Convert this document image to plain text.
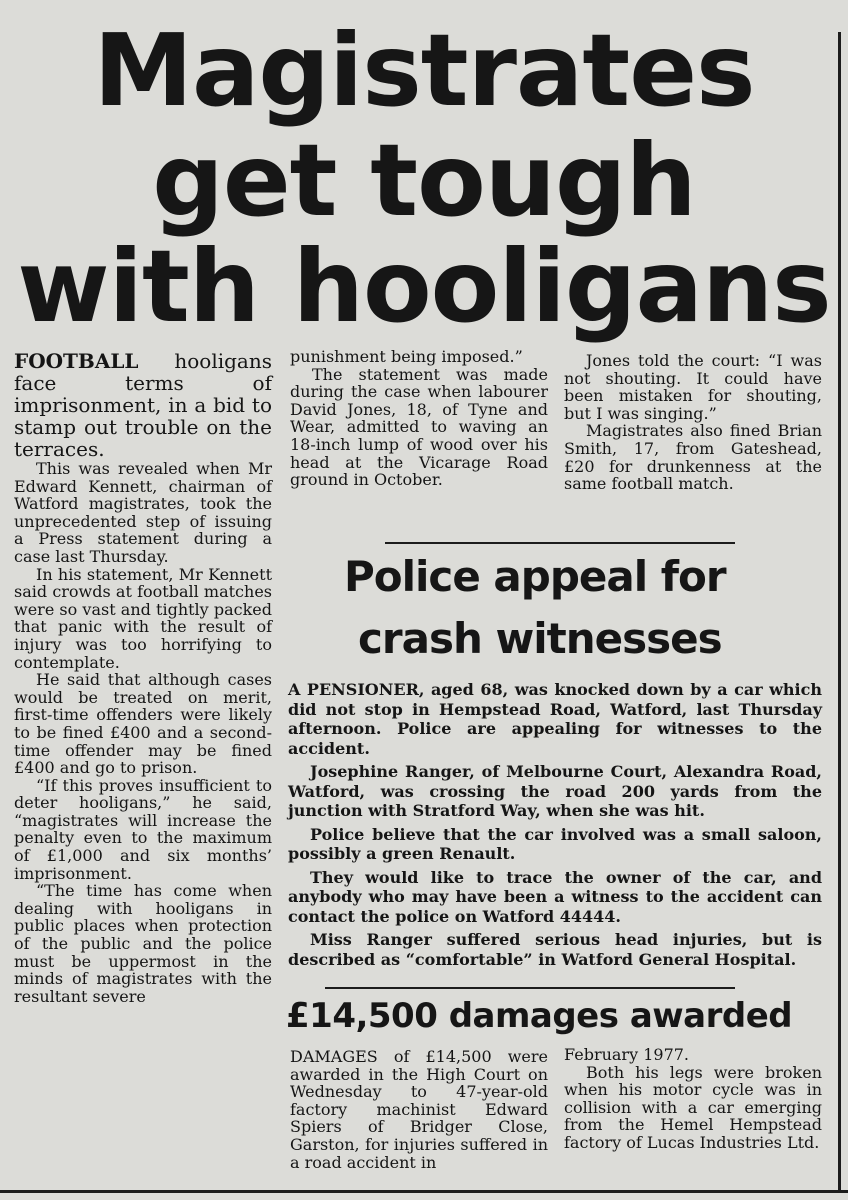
Magistrates
get tough
with hooligans
FOOTBALL hooligans face terms of imprisonment, in a bid to stamp out trouble on the terraces.

This was revealed when Mr Edward Kennett, chairman of Watford magistrates, took the unprecedented step of issuing a Press statement during a case last Thursday.

In his statement, Mr Kennett said crowds at football matches were so vast and tightly packed that panic with the result of injury was too horrifying to contemplate.

He said that although cases would be treated on merit, first-time offenders were likely to be fined £400 and a second-time offender may be fined £400 and go to prison.

“If this proves insufficient to deter hooligans,” he said, “magistrates will increase the penalty even to the maximum of £1,000 and six months’ imprisonment.

“The time has come when dealing with hooligans in public places when protection of the public and the police must be uppermost in the minds of magistrates with the resultant severe

punishment being imposed.”

The statement was made during the case when labourer David Jones, 18, of Tyne and Wear, admitted to waving an 18-inch lump of wood over his head at the Vicarage Road ground in October.

Jones told the court: “I was not shouting. It could have been mistaken for shouting, but I was singing.”

Magistrates also fined Brian Smith, 17, from Gateshead, £20 for drunkenness at the same football match.

Police appeal for
crash witnesses

A PENSIONER, aged 68, was knocked down by a car which did not stop in Hempstead Road, Watford, last Thursday afternoon. Police are appealing for witnesses to the accident.

Josephine Ranger, of Melbourne Court, Alexandra Road, Watford, was crossing the road 200 yards from the junction with Stratford Way, when she was hit.

Police believe that the car involved was a small saloon, possibly a green Renault.

They would like to trace the owner of the car, and anybody who may have been a witness to the accident can contact the police on Watford 44444.

Miss Ranger suffered serious head injuries, but is described as “comfortable” in Watford General Hospital.

£14,500 damages awarded

DAMAGES of £14,500 were awarded in the High Court on Wednesday to 47-year-old factory machinist Edward Spiers of Bridger Close, Garston, for injuries suffered in a road accident in

February 1977.

Both his legs were broken when his motor cycle was in collision with a car emerging from the Hemel Hempstead factory of Lucas Industries Ltd.
